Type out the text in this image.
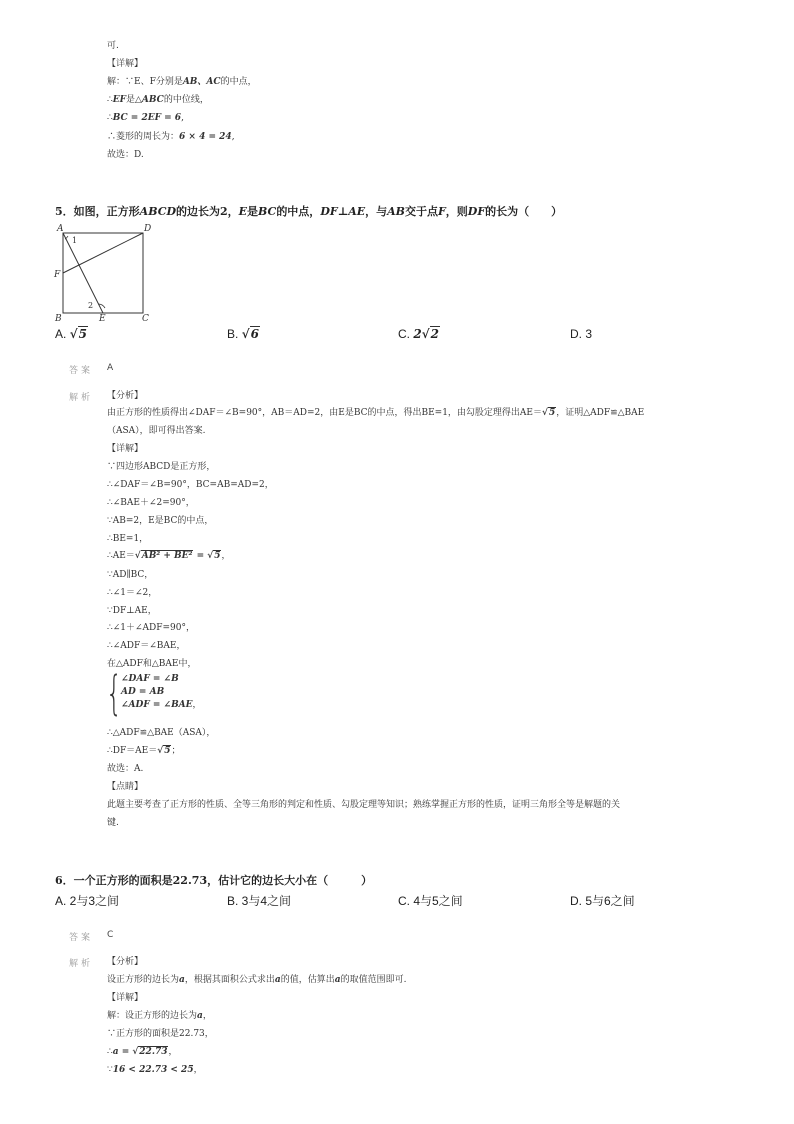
可.
【详解】
解：∵E、F分别是AB、AC的中点，
∴EF是△ABC的中位线，
∴BC = 2EF = 6,
∴菱形的周长为：6 × 4 = 24,
故选：D.
5．如图，正方形ABCD的边长为2，E是BC的中点，DF⊥AE，与AB交于点F，则DF的长为（　　）
A	D
B	C
E
F
1
2
A. √5	B. √6	C. 2√2	D. 3
答案 A
解析 【分析】
由正方形的性质得出∠DAF＝∠B=90°，AB＝AD=2，由E是BC的中点，得出BE=1，由勾股定理得出AE＝√5，证明△ADF≌△BAE
（ASA），即可得出答案.
【详解】
∵四边形ABCD是正方形，
∴∠DAF＝∠B=90°，BC=AB=AD=2，
∴∠BAE＋∠2=90°，
∵AB=2，E是BC的中点，
∴BE=1，
∴AE＝√AB² + BE² = √5，
∵AD∥BC，
∴∠1＝∠2，
∵DF⊥AE，
∴∠1＋∠ADF=90°，
∴∠ADF＝∠BAE，
在△ADF和△BAE中，
{
∠DAF = ∠B
AD = AB
∠ADF = ∠BAE，
∴△ADF≌△BAE（ASA），
∴DF＝AE＝√5；
故选：A.
【点睛】
此题主要考查了正方形的性质、全等三角形的判定和性质、勾股定理等知识；熟练掌握正方形的性质，证明三角形全等是解题的关
键.
6．一个正方形的面积是22.73，估计它的边长大小在（　　　）
A. 2与3之间	B. 3与4之间	C. 4与5之间	D. 5与6之间
答案 C
解析 【分析】
设正方形的边长为a，根据其面积公式求出a的值，估算出a的取值范围即可.
【详解】
解：设正方形的边长为a，
∵正方形的面积是22.73，
∴a = √22.73，
∵16 < 22.73 < 25，
